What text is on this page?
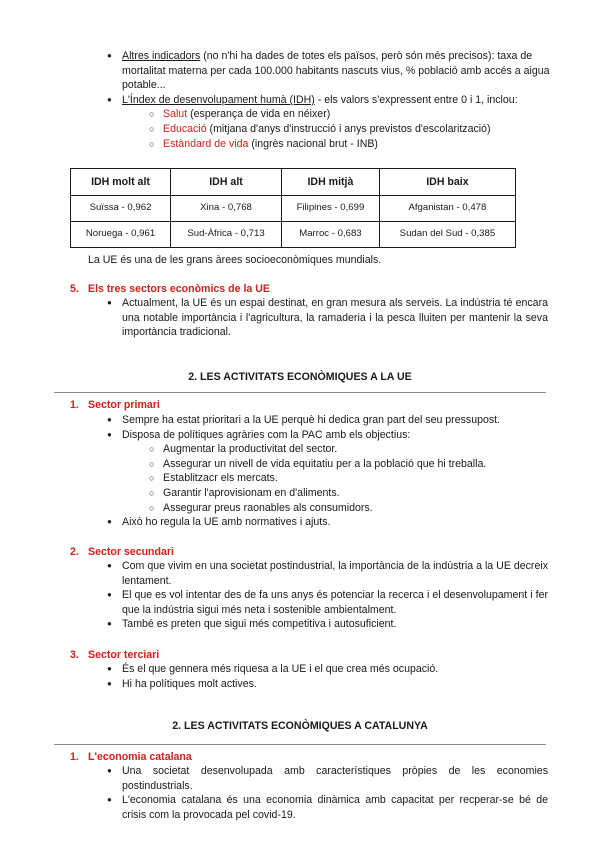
● Altres indicadors (no n'hi ha dades de totes els països, però són més precisos): taxa de mortalitat materna per cada 100.000 habitants nascuts vius, % població amb accés a aigua potable...
● L'Índex de desenvolupament humà (IDH) - els valors s'expressent entre 0 i 1, inclou:
○ Salut (esperança de vida en néixer)
○ Educació (mitjana d'anys d'instrucció i anys previstos d'escolarització)
○ Estàndard de vida (ingrès nacional brut - INB)
IDH molt alt	IDH alt	IDH mitjà	IDH baix
Suïssa - 0,962	Xina - 0,768	Filipines - 0,699	Afganistan - 0,478
Noruega - 0,961	Sud-Àfrica - 0,713	Marroc - 0,683	Sudan del Sud - 0,385
La UE és una de les grans àrees socioeconòmiques mundials.
5. Els tres sectors econòmics de la UE
● Actualment, la UE és un espai destinat, en gran mesura als serveis. La indústria té encara una notable importància i l'agricultura, la ramaderia i la pesca lluiten per mantenir la seva importància tradicional.
2. LES ACTIVITATS ECONÒMIQUES A LA UE
1. Sector primari
● Sempre ha estat prioritari a la UE perquè hi dedica gran part del seu pressupost.
● Disposa de polítiques agràries com la PAC amb els objectius:
○ Augmentar la productivitat del sector.
○ Assegurar un nivell de vida equitatiu per a la població que hi treballa.
○ Establitzacr els mercats.
○ Garantir l'aprovisionam en d'aliments.
○ Assegurar preus raonables als consumidors.
● Això ho regula la UE amb normatives i ajuts.
2. Sector secundari
● Com que vivim en una societat postindustrial, la importància de la indústria a la UE decreix lentament.
● El que es vol intentar des de fa uns anys és potenciar la recerca i el desenvolupament i fer que la indústria sigui més neta i sostenible ambientalment.
● També es preten que sigui més competitiva i autosuficient.
3. Sector terciari
● És el que gennera més riquesa a la UE i el que crea més ocupació.
● Hi ha polítiques molt actives.
2. LES ACTIVITATS ECONÒMIQUES A CATALUNYA
1. L'economia catalana
● Una societat desenvolupada amb característiques pròpies de les economies postindustrials.
● L'economia catalana és una economia dinàmica amb capacitat per recperar-se bé de crisis com la provocada pel covid-19.
